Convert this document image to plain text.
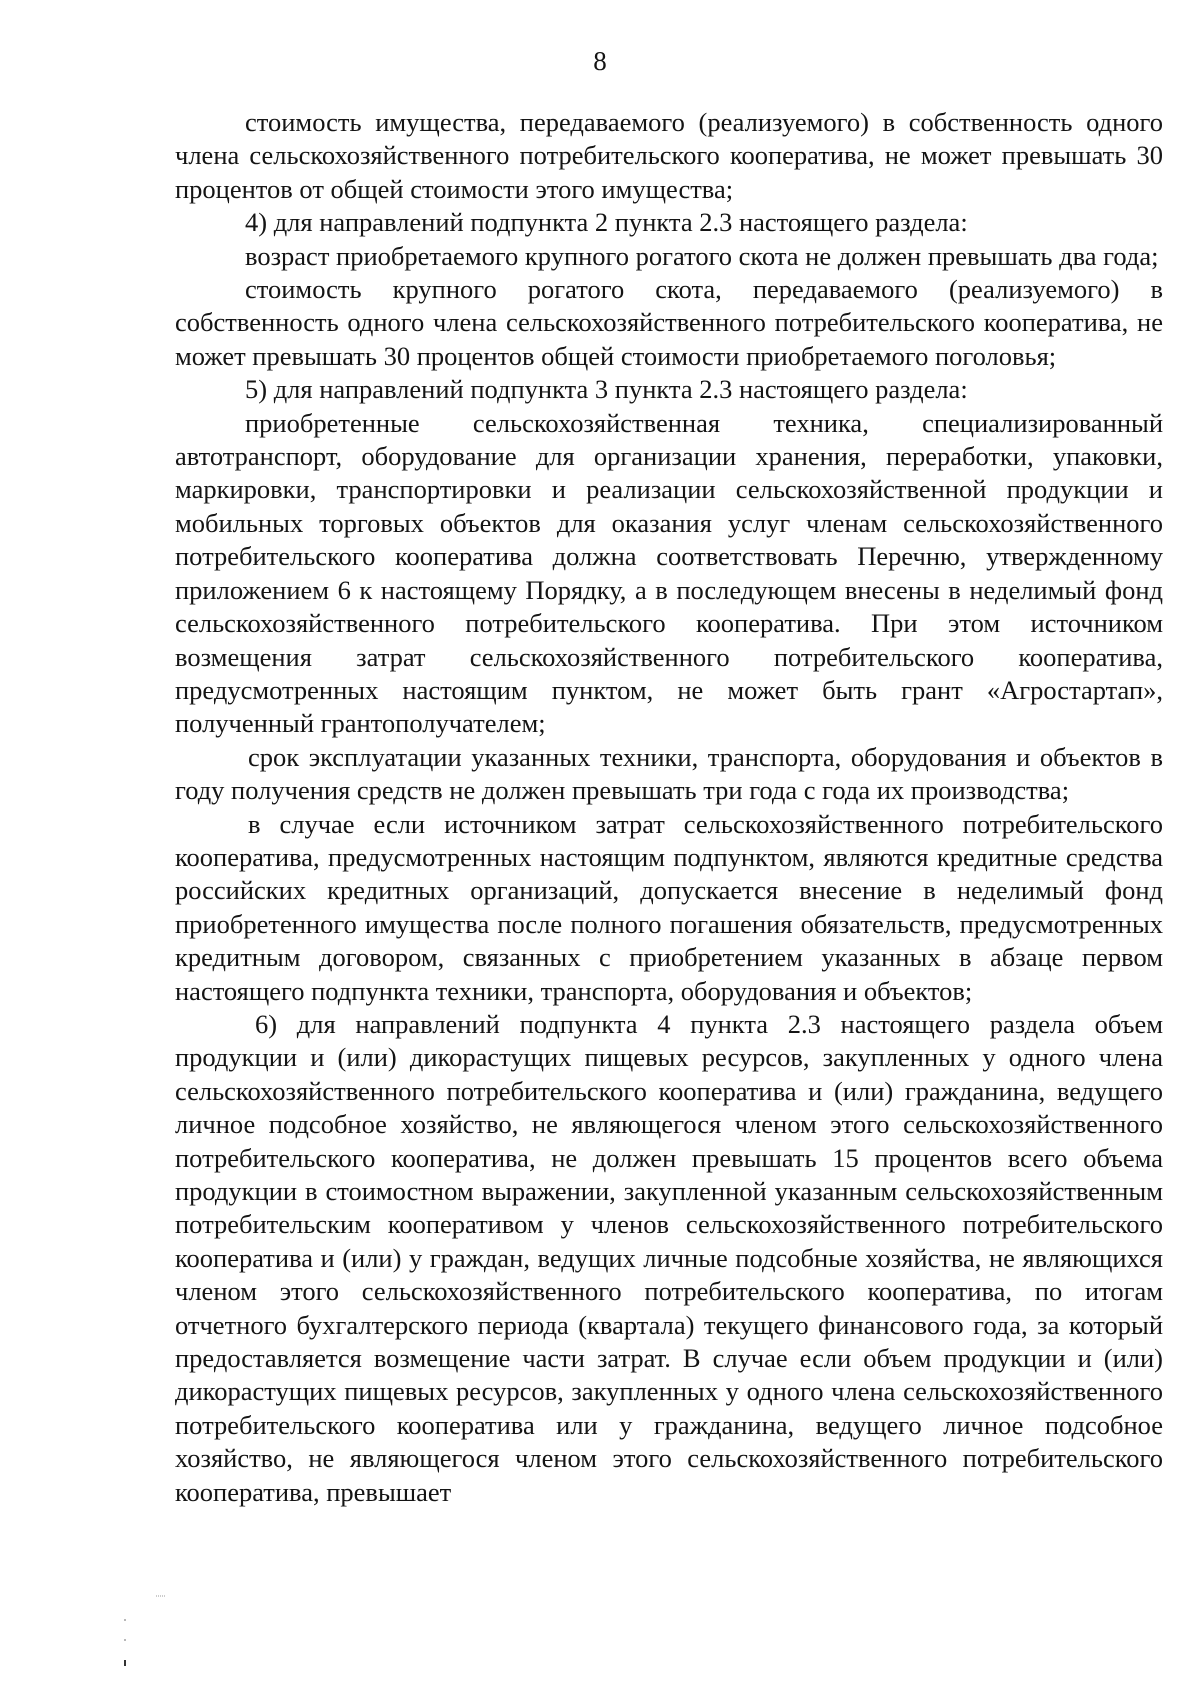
8

стоимость имущества, передаваемого (реализуемого) в собственность одного члена сельскохозяйственного потребительского кооператива, не может превышать 30 процентов от общей стоимости этого имущества;

4) для направлений подпункта 2 пункта 2.3 настоящего раздела:

возраст приобретаемого крупного рогатого скота не должен превышать два года;

стоимость крупного рогатого скота, передаваемого (реализуемого) в собственность одного члена сельскохозяйственного потребительского кооператива, не может превышать 30 процентов общей стоимости приобретаемого поголовья;

5) для направлений подпункта 3 пункта 2.3 настоящего раздела:

приобретенные сельскохозяйственная техника, специализированный автотранспорт, оборудование для организации хранения, переработки, упаковки, маркировки, транспортировки и реализации сельскохозяйственной продукции и мобильных торговых объектов для оказания услуг членам сельскохозяйственного потребительского кооператива должна соответствовать Перечню, утвержденному приложением 6 к настоящему Порядку, а в последующем внесены в неделимый фонд сельскохозяйственного потребительского кооператива. При этом источником возмещения затрат сельскохозяйственного потребительского кооператива, предусмотренных настоящим пунктом, не может быть грант «Агростартап», полученный грантополучателем;

срок эксплуатации указанных техники, транспорта, оборудования и объектов в году получения средств не должен превышать три года с года их производства;

в случае если источником затрат сельскохозяйственного потребительского кооператива, предусмотренных настоящим подпунктом, являются кредитные средства российских кредитных организаций, допускается внесение в неделимый фонд приобретенного имущества после полного погашения обязательств, предусмотренных кредитным договором, связанных с приобретением указанных в абзаце первом настоящего подпункта техники, транспорта, оборудования и объектов;

6) для направлений подпункта 4 пункта 2.3 настоящего раздела объем продукции и (или) дикорастущих пищевых ресурсов, закупленных у одного члена сельскохозяйственного потребительского кооператива и (или) гражданина, ведущего личное подсобное хозяйство, не являющегося членом этого сельскохозяйственного потребительского кооператива, не должен превышать 15 процентов всего объема продукции в стоимостном выражении, закупленной указанным сельскохозяйственным потребительским кооперативом у членов сельскохозяйственного потребительского кооператива и (или) у граждан, ведущих личные подсобные хозяйства, не являющихся членом этого сельскохозяйственного потребительского кооператива, по итогам отчетного бухгалтерского периода (квартала) текущего финансового года, за который предоставляется возмещение части затрат. В случае если объем продукции и (или) дикорастущих пищевых ресурсов, закупленных у одного члена сельскохозяйственного потребительского кооператива или у гражданина, ведущего личное подсобное хозяйство, не являющегося членом этого сельскохозяйственного потребительского кооператива, превышает
